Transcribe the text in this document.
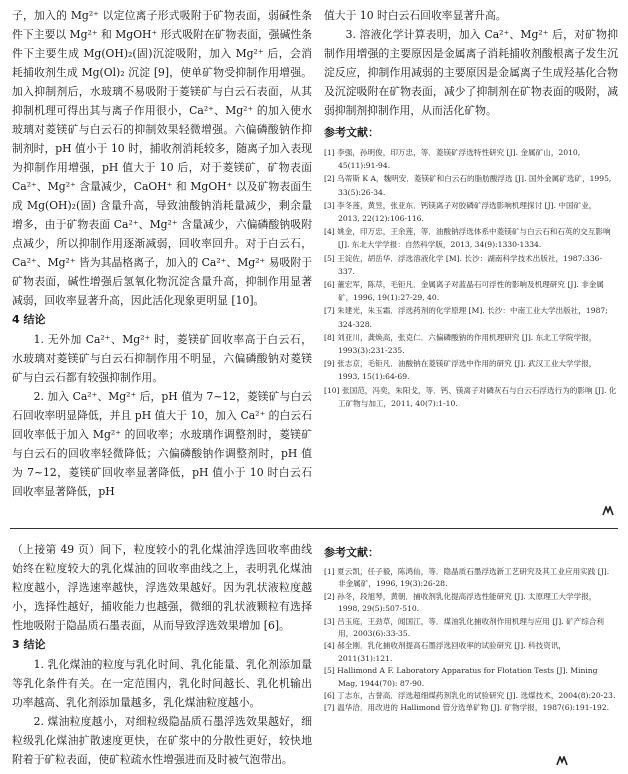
子，加入的 Mg²⁺ 以定位离子形式吸附于矿物表面，弱碱性条件下主要以 Mg²⁺ 和 MgOH⁺ 形式吸附在矿物表面，强碱性条件下主要生成 Mg(OH)₂(固)沉淀吸附，加入 Mg²⁺ 后，会消耗捕收剂生成 Mg(Ol)₂ 沉淀 [9]，使单矿物受抑制作用增强。加入抑制剂后，水玻璃不易吸附于菱镁矿与白云石表面，从其抑制机理可得出其与离子作用很小，Ca²⁺、Mg²⁺ 的加入使水玻璃对菱镁矿与白云石的抑制效果轻微增强。六偏磷酸钠作抑制剂时，pH 值小于 10 时，捕收剂消耗较多，随离子加入表现为抑制作用增强，pH 值大于 10 后，对于菱镁矿，矿物表面 Ca²⁺、Mg²⁺ 含量减少，CaOH⁺ 和 MgOH⁺ 以及矿物表面生成 Mg(OH)₂(固) 含量升高，导致油酸钠消耗量减少，剩余量增多，由于矿物表面 Ca²⁺、Mg²⁺ 含量减少，六偏磷酸钠吸附点减少，所以抑制作用逐渐减弱，回收率回升。对于白云石，Ca²⁺、Mg²⁺ 皆为其晶格离子，加入的 Ca²⁺、Mg²⁺ 易吸附于矿物表面，碱性增强后氢氧化物沉淀含量升高，抑制作用显著减弱，回收率显著升高，因此活化现象更明显 [10]。

4 结论

1. 无外加 Ca²⁺、Mg²⁺ 时，菱镁矿回收率高于白云石，水玻璃对菱镁矿与白云石抑制作用不明显，六偏磷酸钠对菱镁矿与白云石都有较强抑制作用。

2. 加入 Ca²⁺、Mg²⁺ 后，pH 值为 7~12，菱镁矿与白云石回收率明显降低，并且 pH 值大于 10，加入 Ca²⁺ 的白云石回收率低于加入 Mg²⁺ 的回收率；水玻璃作调整剂时，菱镁矿与白云石的回收率轻微降低；六偏磷酸钠作调整剂时，pH 值为 7~12，菱镁矿回收率显著降低，pH 值小于 10 时白云石回收率显著降低，pH

值大于 10 时白云石回收率显著升高。

3. 溶液化学计算表明，加入 Ca²⁺、Mg²⁺ 后，对矿物抑制作用增强的主要原因是金属离子消耗捕收剂酸根离子发生沉淀反应，抑制作用减弱的主要原因是金属离子生成羟基化合物及沉淀吸附在矿物表面，减少了抑制剂在矿物表面的吸附，减弱抑制剂抑制作用，从而活化矿物。

参考文献：
[1] 李强，孙明俊，印万忠，等．菱镁矿浮选特性研究 [J]. 金属矿山，2010, 45(11):91-94.
[2] 乌蒂斯 K A，魏明安．菱镁矿和白云石的脂肪酸浮选 [J]. 国外金属矿选矿，1995, 33(5):26-34.
[3] 李冬莲，黄昱，张亚东．钙镁离子对胶磷矿浮选影响机理探讨 [J]. 中国矿业，2013, 22(12):106-116.
[4] 姚金，印万忠，王余莲，等．油酸钠浮选体系中菱镁矿与白云石和石英的交互影响 [J]. 东北大学学报：自然科学版，2013, 34(9):1330-1334.
[5] 王淀佐，胡岳华．浮选溶液化学 [M]. 长沙：湖南科学技术出版社，1987:336-337.
[6] 董宏军，陈荩，毛钜凡．金属离子对蓝晶石可浮性的影响及机理研究 [J]. 非金属矿，1996, 19(1):27-29, 40.
[7] 朱建光，朱玉霜．浮选药剂的化学原理 [M]. 长沙：中南工业大学出版社，1987; 324-328.
[8] 刘亚川，龚焕高，张克仁．六偏磷酸钠的作用机理研究 [J]. 东北工学院学报，1993(3):231-235.
[9] 张志京，毛钜凡．油酸钠在菱镁矿浮选中作用的研究 [J]. 武汉工业大学学报，1993, 15(1):64-69.
[10] 张国范，冯奕，朱阳戈，等．钙、镁离子对磷灰石与白云石浮选行为的影响 [J]. 化工矿物与加工，2011, 40(7):1-10.

（上接第 49 页）间下，粒度较小的乳化煤油浮选回收率曲线始终在粒度较大的乳化煤油的回收率曲线之上，表明乳化煤油粒度越小，浮选速率越快，浮选效果越好。因为乳状液粒度越小，选择性越好，捕收能力也越强，微细的乳状液颗粒有选择性地吸附于隐晶质石墨表面，从而导致浮选效果增加 [6]。

3 结论

1. 乳化煤油的粒度与乳化时间、乳化能量、乳化剂添加量等乳化条件有关。在一定范围内，乳化时间越长、乳化机输出功率越高、乳化剂添加量越多，乳化煤油粒度越小。

2. 煤油粒度越小，对细粒级隐晶质石墨浮选效果越好，细粒级乳化煤油扩散速度更快，在矿浆中的分散性更好，较快地附着于矿粒表面，使矿粒疏水性增强进而及时被气泡带出。

参考文献：
[1] 夏云凯，任子毅，陈鸿仙，等．隐晶质石墨浮选新工艺研究及其工业应用实践 [J]. 非金属矿，1996, 19(3):26-28.
[2] 孙冬，段旭琴，黄朝．捕收剂乳化提高浮选性能研究 [J]. 太原理工大学学报，1998, 29(5):507-510.
[3] 吕玉庭，王劲草，闻国江，等．煤油乳化捕收剂作用机理与应用 [J]. 矿产综合利用，2003(6):33-35.
[4] 郝全刚．乳化捕收剂提高石墨浮选回收率的试验研究 [J]. 科技资讯，2011(31):121.
[5] Hallimond A F. Laboratory Apparatus for Flotation Tests [J]. Mining Mag, 1944(70): 87-90.
[6] 丁志东，古誉高．浮选超细煤药剂乳化的试验研究 [J]. 选煤技术，2004(8):20-23.
[7] 温华洽．用改进的 Hallimond 管分选单矿物 [J]. 矿物学报，1987(6):191-192.
